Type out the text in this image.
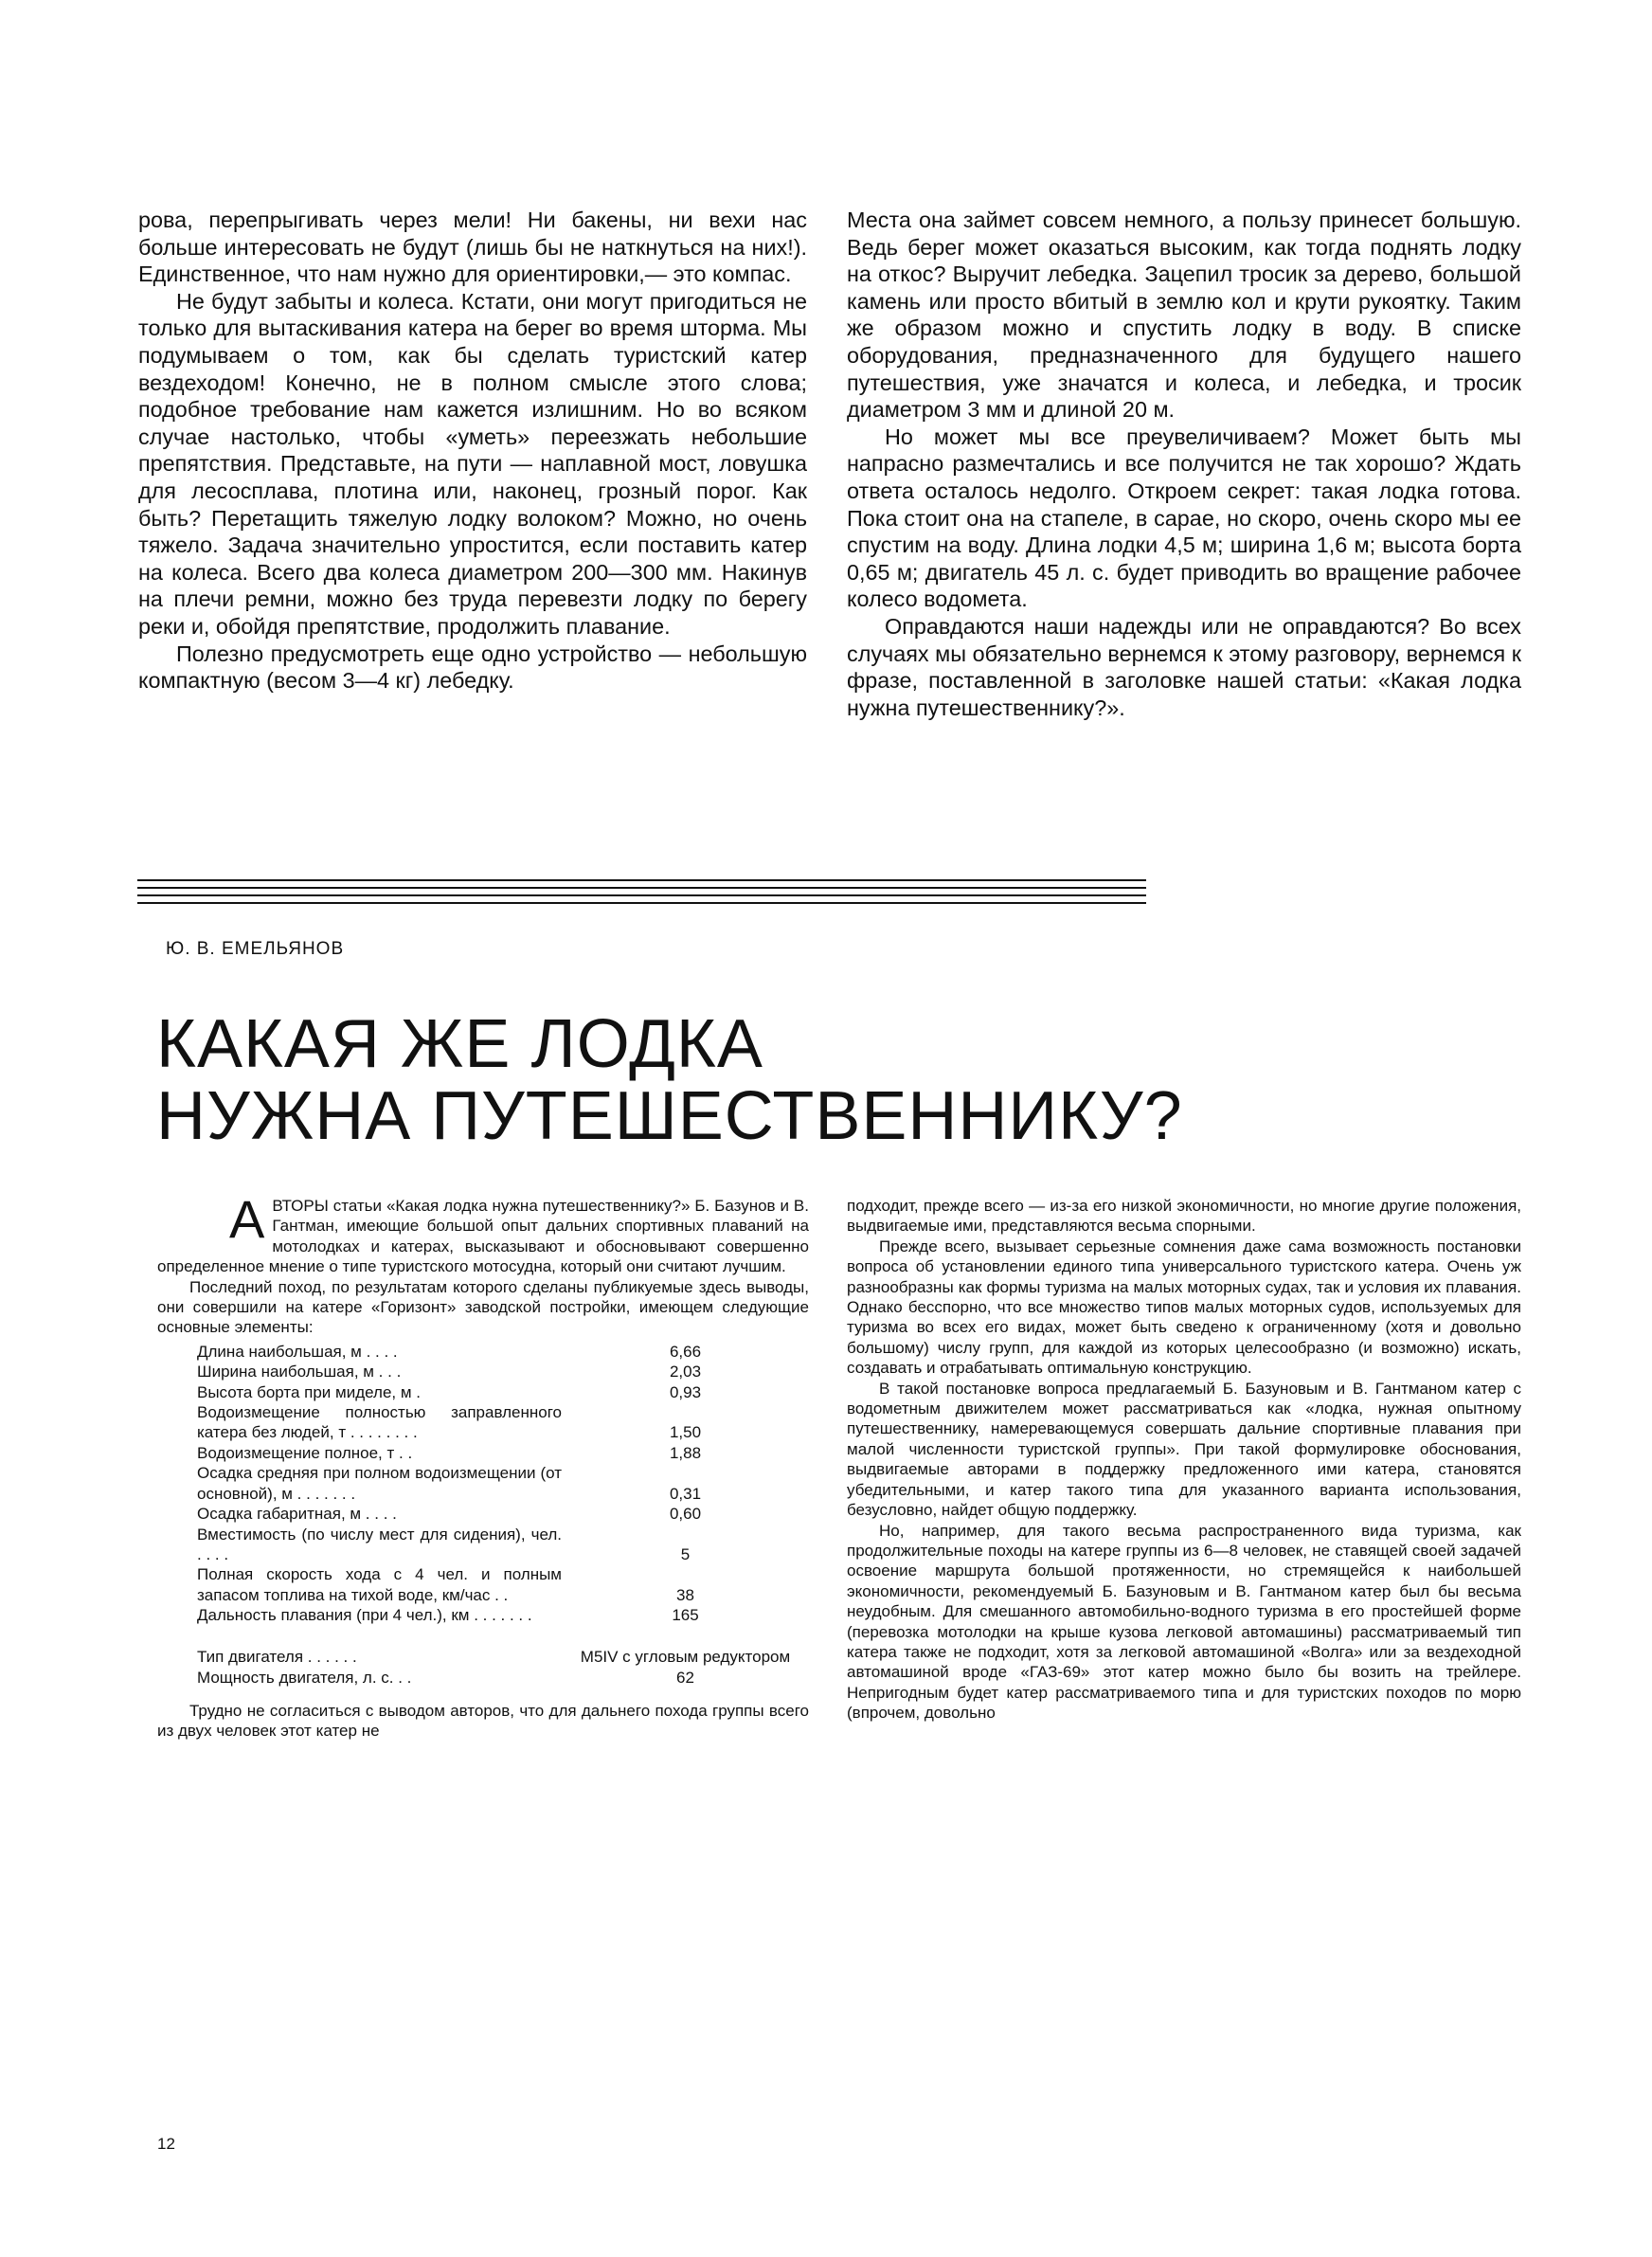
рова, перепрыгивать через мели! Ни бакены, ни вехи нас больше интересовать не будут (лишь бы не наткнуться на них!). Единственное, что нам нужно для ориентировки,— это компас.

Не будут забыты и колеса. Кстати, они могут пригодиться не только для вытаскивания катера на берег во время шторма. Мы подумываем о том, как бы сделать туристский катер вездеходом! Конечно, не в полном смысле этого слова; подобное требование нам кажется излишним. Но во всяком случае настолько, чтобы «уметь» переезжать небольшие препятствия. Представьте, на пути — наплавной мост, ловушка для лесосплава, плотина или, наконец, грозный порог. Как быть? Перетащить тяжелую лодку волоком? Можно, но очень тяжело. Задача значительно упростится, если поставить катер на колеса. Всего два колеса диаметром 200—300 мм. Накинув на плечи ремни, можно без труда перевезти лодку по берегу реки и, обойдя препятствие, продолжить плавание.

Полезно предусмотреть еще одно устройство — небольшую компактную (весом 3—4 кг) лебедку.

Места она займет совсем немного, а пользу принесет большую. Ведь берег может оказаться высоким, как тогда поднять лодку на откос? Выручит лебедка. Зацепил тросик за дерево, большой камень или просто вбитый в землю кол и крути рукоятку. Таким же образом можно и спустить лодку в воду. В списке оборудования, предназначенного для будущего нашего путешествия, уже значатся и колеса, и лебедка, и тросик диаметром 3 мм и длиной 20 м.

Но может мы все преувеличиваем? Может быть мы напрасно размечтались и все получится не так хорошо? Ждать ответа осталось недолго. Откроем секрет: такая лодка готова. Пока стоит она на стапеле, в сарае, но скоро, очень скоро мы ее спустим на воду. Длина лодки 4,5 м; ширина 1,6 м; высота борта 0,65 м; двигатель 45 л. с. будет приводить во вращение рабочее колесо водомета.

Оправдаются наши надежды или не оправдаются? Во всех случаях мы обязательно вернемся к этому разговору, вернемся к фразе, поставленной в заголовке нашей статьи: «Какая лодка нужна путешественнику?».

Ю. В. ЕМЕЛЬЯНОВ
КАКАЯ ЖЕ ЛОДКА
НУЖНА ПУТЕШЕСТВЕННИКУ?

АВТОРЫ статьи «Какая лодка нужна путешественнику?» Б. Базунов и В. Гантман, имеющие большой опыт дальних спортивных плаваний на мотолодках и катерах, высказывают и обосновывают совершенно определенное мнение о типе туристского мотосудна, который они считают лучшим.

Последний поход, по результатам которого сделаны публикуемые здесь выводы, они совершили на катере «Горизонт» заводской постройки, имеющем следующие основные элементы:

Длина наибольшая, м . . . .	6,66
Ширина наибольшая, м . . .	2,03
Высота борта при миделе, м .	0,93
Водоизмещение полностью заправленного катера без людей, т . . . . . . . .	1,50
Водоизмещение полное, т . .	1,88
Осадка средняя при полном водоизмещении (от основной), м . . . . . . .	0,31
Осадка габаритная, м . . . .	0,60
Вместимость (по числу мест для сидения), чел. . . . .	5
Полная скорость хода с 4 чел. и полным запасом топлива на тихой воде, км/час . .	38
Дальность плавания (при 4 чел.), км . . . . . . .	165
Тип двигателя . . . . . .	M5IV с угловым редуктором
Мощность двигателя, л. с. . .	62

Трудно не согласиться с выводом авторов, что для дальнего похода группы всего из двух человек этот катер не

подходит, прежде всего — из-за его низкой экономичности, но многие другие положения, выдвигаемые ими, представляются весьма спорными.

Прежде всего, вызывает серьезные сомнения даже сама возможность постановки вопроса об установлении единого типа универсального туристского катера. Очень уж разнообразны как формы туризма на малых моторных судах, так и условия их плавания. Однако бесспорно, что все множество типов малых моторных судов, используемых для туризма во всех его видах, может быть сведено к ограниченному (хотя и довольно большому) числу групп, для каждой из которых целесообразно (и возможно) искать, создавать и отрабатывать оптимальную конструкцию.

В такой постановке вопроса предлагаемый Б. Базуновым и В. Гантманом катер с водометным движителем может рассматриваться как «лодка, нужная опытному путешественнику, намеревающемуся совершать дальние спортивные плавания при малой численности туристской группы». При такой формулировке обоснования, выдвигаемые авторами в поддержку предложенного ими катера, становятся убедительными, и катер такого типа для указанного варианта использования, безусловно, найдет общую поддержку.

Но, например, для такого весьма распространенного вида туризма, как продолжительные походы на катере группы из 6—8 человек, не ставящей своей задачей освоение маршрута большой протяженности, но стремящейся к наибольшей экономичности, рекомендуемый Б. Базуновым и В. Гантманом катер был бы весьма неудобным. Для смешанного автомобильно-водного туризма в его простейшей форме (перевозка мотолодки на крыше кузова легковой автомашины) рассматриваемый тип катера также не подходит, хотя за легковой автомашиной «Волга» или за вездеходной автомашиной вроде «ГАЗ-69» этот катер можно было бы возить на трейлере. Непригодным будет катер рассматриваемого типа и для туристских походов по морю (впрочем, довольно

12
